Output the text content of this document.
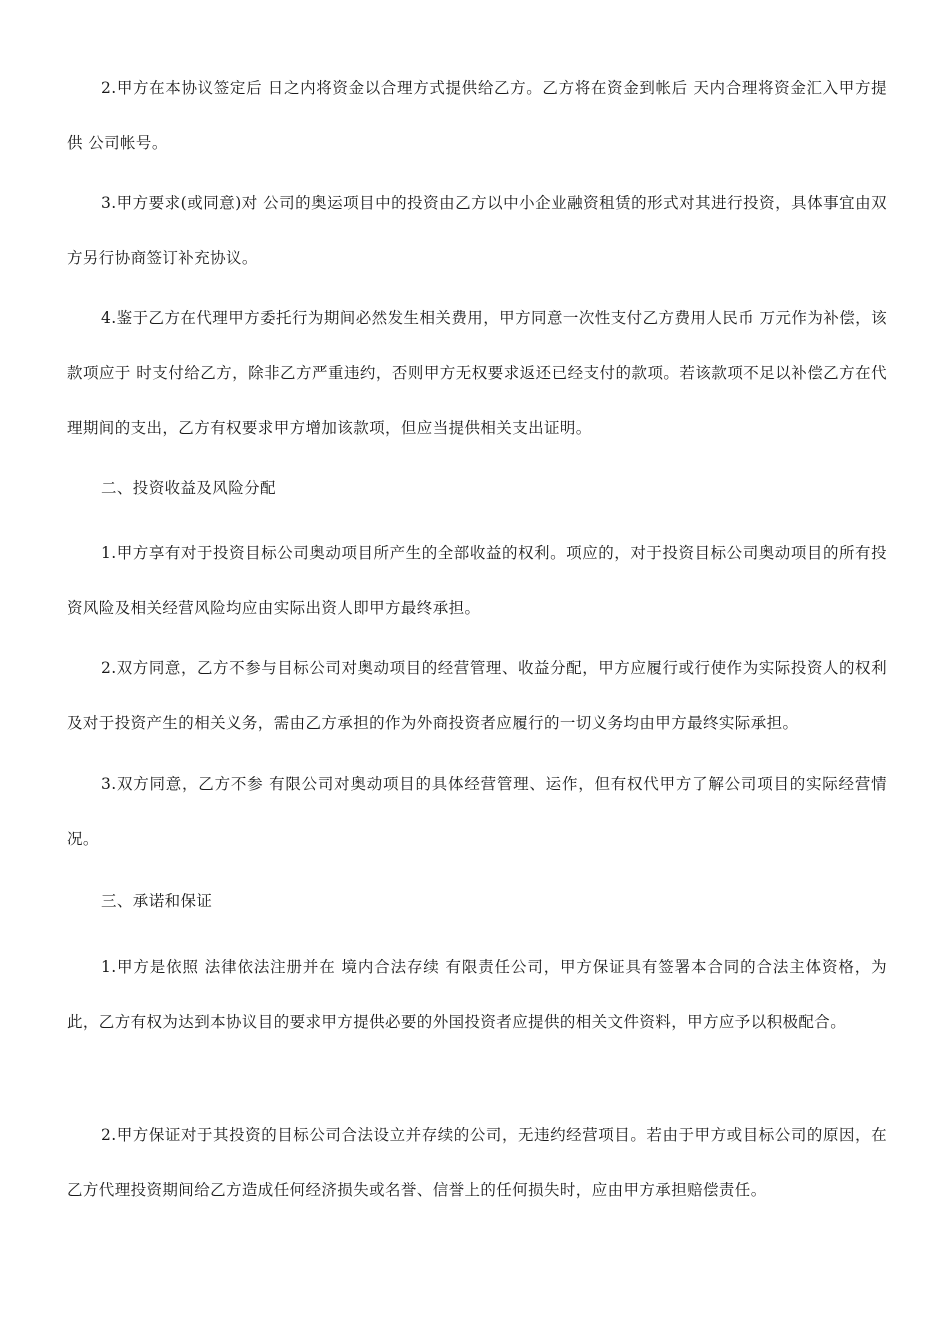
2.甲方在本协议签定后 日之内将资金以合理方式提供给乙方。乙方将在资金到帐后 天内合理将资金汇入甲方提供 公司帐号。

3.甲方要求(或同意)对 公司的奥运项目中的投资由乙方以中小企业融资租赁的形式对其进行投资，具体事宜由双方另行协商签订补充协议。

4.鉴于乙方在代理甲方委托行为期间必然发生相关费用，甲方同意一次性支付乙方费用人民币 万元作为补偿，该款项应于 时支付给乙方，除非乙方严重违约，否则甲方无权要求返还已经支付的款项。若该款项不足以补偿乙方在代理期间的支出，乙方有权要求甲方增加该款项，但应当提供相关支出证明。

二、投资收益及风险分配

1.甲方享有对于投资目标公司奥动项目所产生的全部收益的权利。项应的，对于投资目标公司奥动项目的所有投资风险及相关经营风险均应由实际出资人即甲方最终承担。

2.双方同意，乙方不参与目标公司对奥动项目的经营管理、收益分配，甲方应履行或行使作为实际投资人的权利及对于投资产生的相关义务，需由乙方承担的作为外商投资者应履行的一切义务均由甲方最终实际承担。

3.双方同意，乙方不参 有限公司对奥动项目的具体经营管理、运作，但有权代甲方了解公司项目的实际经营情况。

三、承诺和保证

1.甲方是依照 法律依法注册并在 境内合法存续 有限责任公司，甲方保证具有签署本合同的合法主体资格，为此，乙方有权为达到本协议目的要求甲方提供必要的外国投资者应提供的相关文件资料，甲方应予以积极配合。

2.甲方保证对于其投资的目标公司合法设立并存续的公司，无违约经营项目。若由于甲方或目标公司的原因，在乙方代理投资期间给乙方造成任何经济损失或名誉、信誉上的任何损失时，应由甲方承担赔偿责任。
